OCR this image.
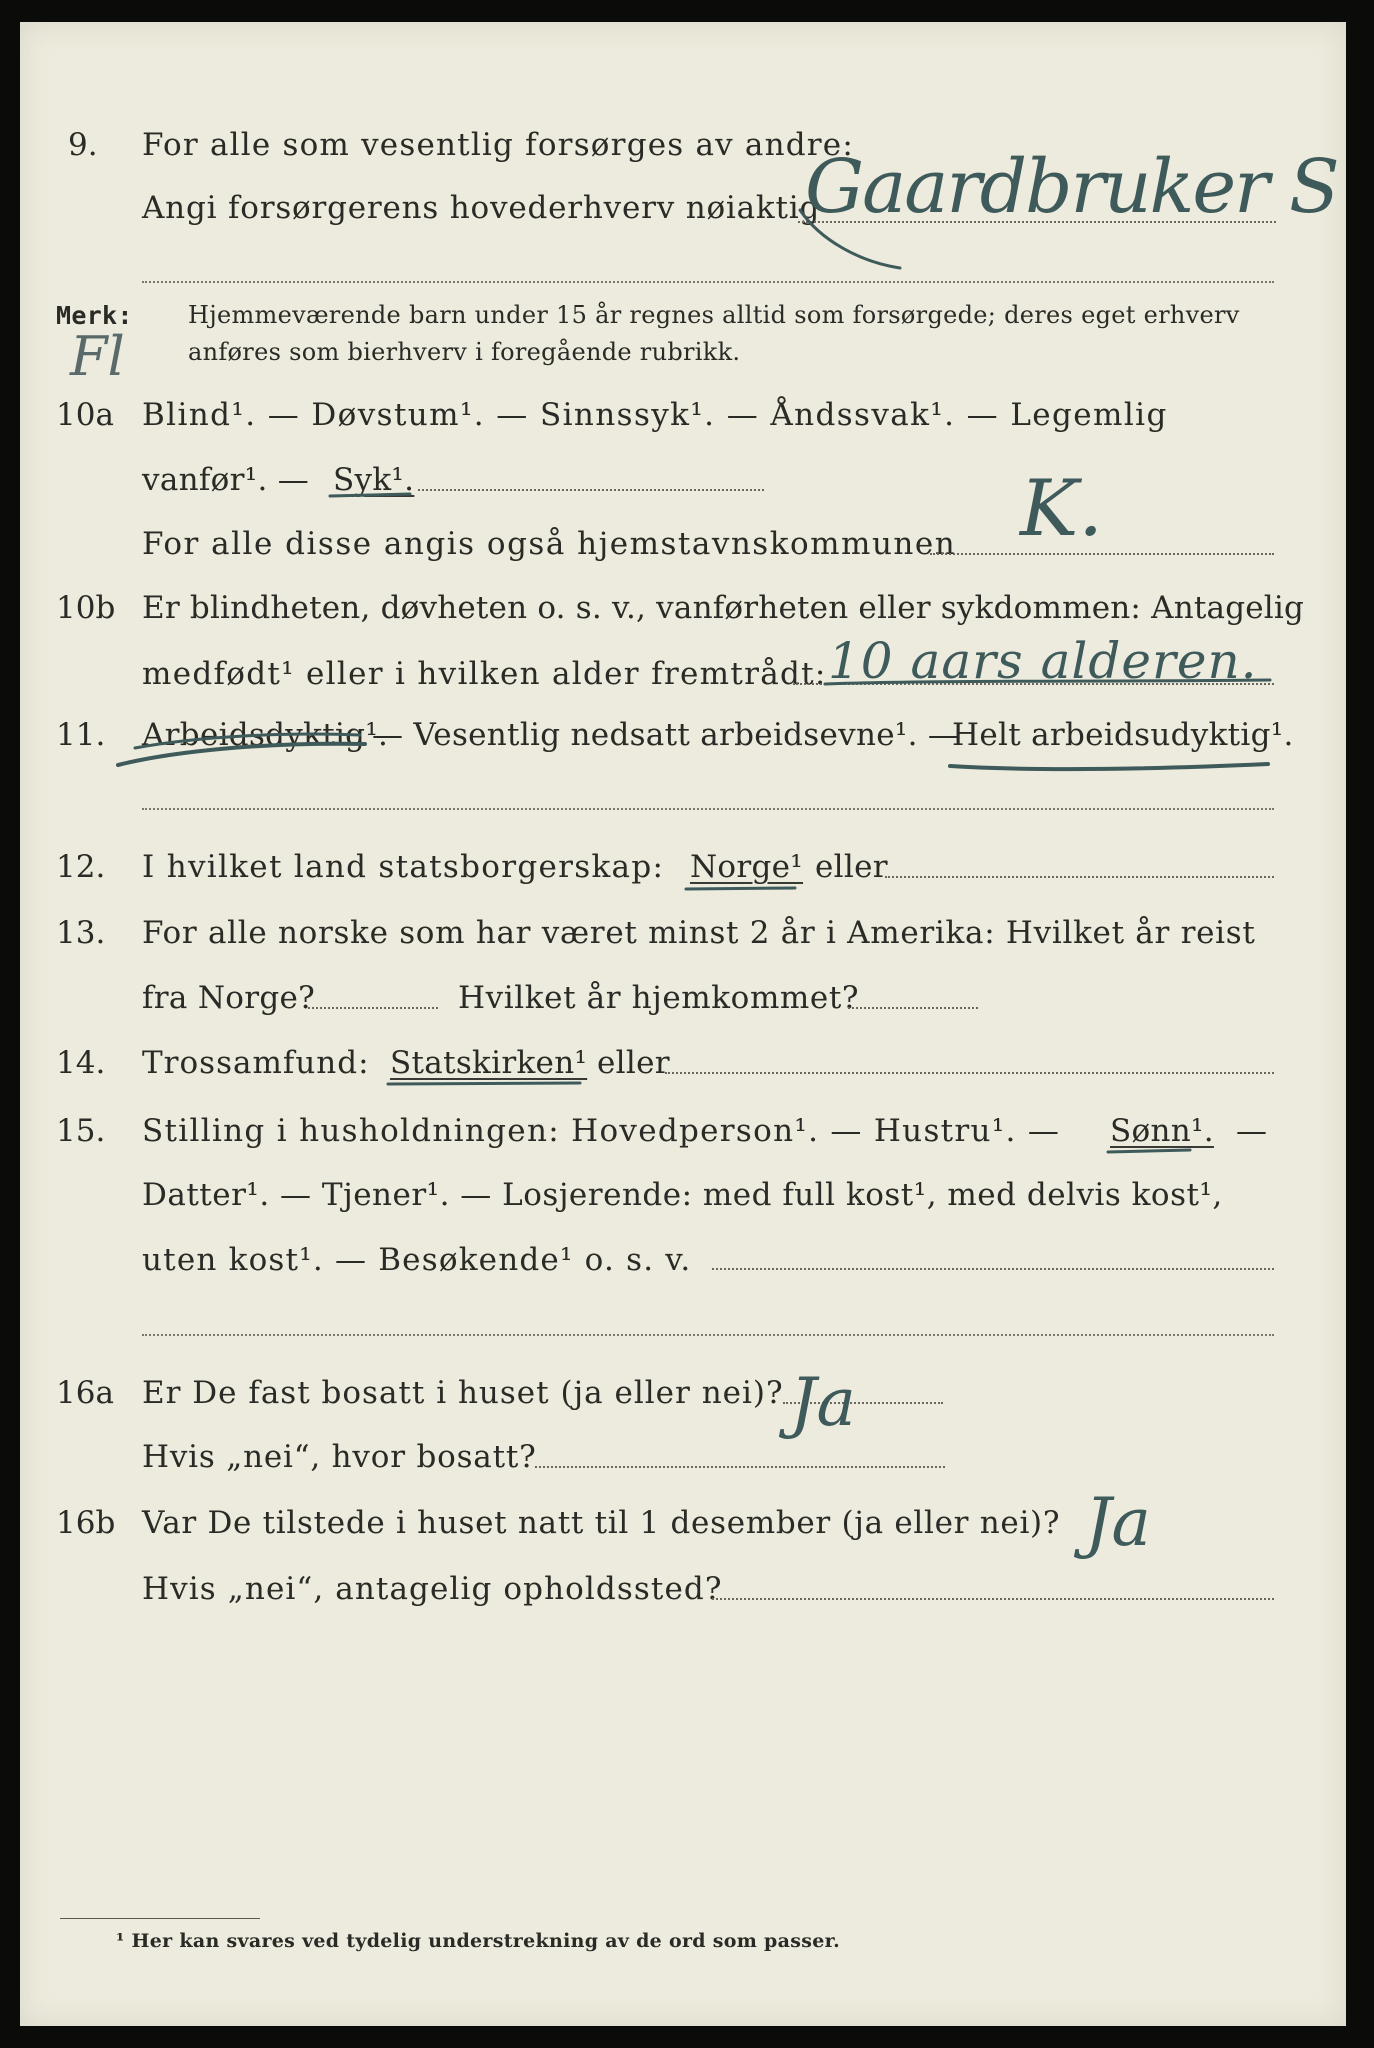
9. For alle som vesentlig forsørges av andre:
Angi forsørgerens hovederhverv nøiaktig
Gaardbruker S
Merk: Hjemmeværende barn under 15 år regnes alltid som forsørgede; deres eget erhverv
anføres som bierhverv i foregående rubrikk.
Fl
10a Blind¹. — Døvstum¹. — Sinnssyk¹. — Åndssvak¹. — Legemlig
vanfør¹. — Syk¹.
For alle disse angis også hjemstavnskommunen K.
10b Er blindheten, døvheten o. s. v., vanførheten eller sykdommen: Antagelig
medfødt¹ eller i hvilken alder fremtrådt: 10 aars alderen.
11. Arbeidsdyktig¹.
— Vesentlig nedsatt arbeidsevne¹. —
Helt arbeidsudyktig¹.
12. I hvilket land statsborgerskap: Norge¹ eller
13. For alle norske som har været minst 2 år i Amerika: Hvilket år reist
fra Norge?	Hvilket år hjemkommet?
14. Trossamfund: Statskirken¹ eller
15. Stilling i husholdningen: Hovedperson¹. — Hustru¹. — Sønn¹. —
Datter¹. — Tjener¹. — Losjerende: med full kost¹, med delvis kost¹,
uten kost¹. — Besøkende¹ o. s. v.
16a Er De fast bosatt i huset (ja eller nei)?
Hvis „nei“, hvor bosatt?
Ja
16b Var De tilstede i huset natt til 1 desember (ja eller nei)? Ja
Hvis „nei“, antagelig opholdssted?
¹ Her kan svares ved tydelig understrekning av de ord som passer.
